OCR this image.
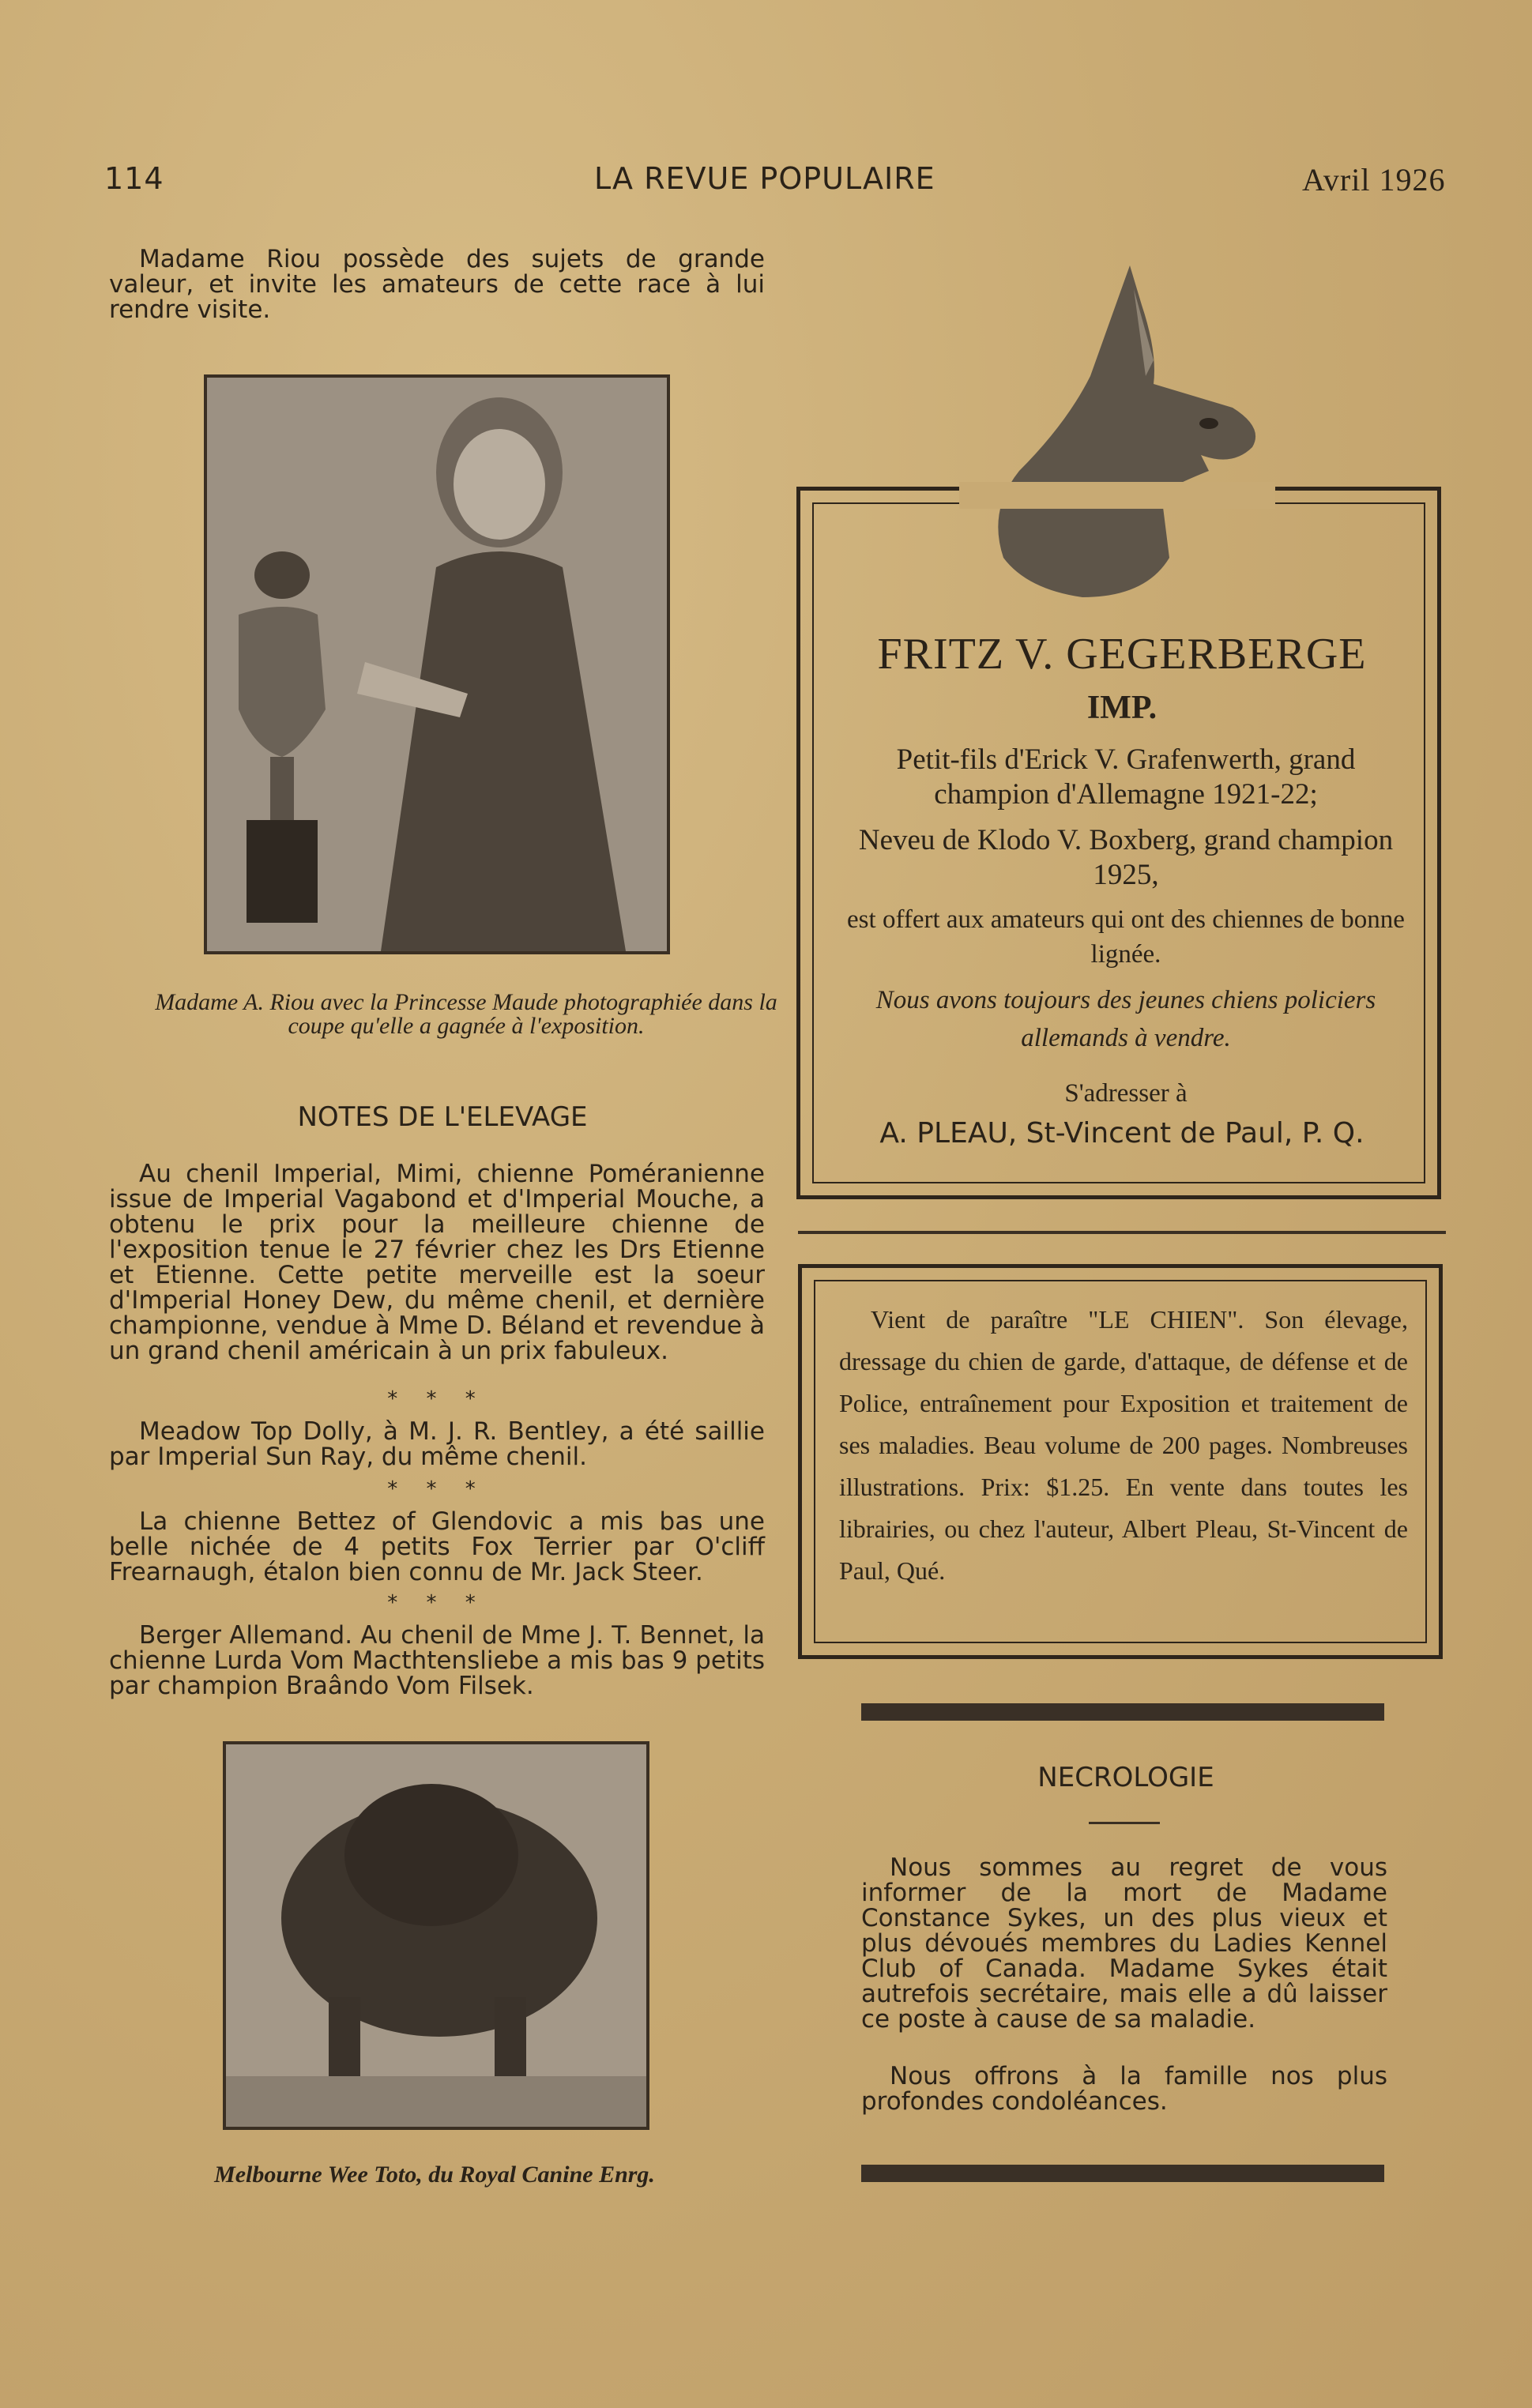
114	LA REVUE POPULAIRE	Avril 1926
Madame Riou possède des sujets de grande valeur, et invite les amateurs de cette race à lui rendre visite.
Madame A. Riou avec la Princesse Maude photographiée dans la coupe qu'elle a gagnée à l'exposition.
NOTES DE L'ELEVAGE
Au chenil Imperial, Mimi, chienne Poméranienne issue de Imperial Vagabond et d'Imperial Mouche, a obtenu le prix pour la meilleure chienne de l'exposition tenue le 27 février chez les Drs Etienne et Etienne. Cette petite merveille est la soeur d'Imperial Honey Dew, du même chenil, et dernière championne, vendue à Mme D. Béland et revendue à un grand chenil américain à un prix fabuleux.
* * *
Meadow Top Dolly, à M. J. R. Bentley, a été saillie par Imperial Sun Ray, du même chenil.
* * *
La chienne Bettez of Glendovic a mis bas une belle nichée de 4 petits Fox Terrier par O'cliff Frearnaugh, étalon bien connu de Mr. Jack Steer.
* * *
Berger Allemand. Au chenil de Mme J. T. Bennet, la chienne Lurda Vom Macthtensliebe a mis bas 9 petits par champion Braândo Vom Filsek.
Melbourne Wee Toto, du Royal Canine Enrg.
FRITZ V. GEGERBERGE
IMP.
Petit-fils d'Erick V. Grafenwerth, grand champion d'Allemagne 1921-22;
Neveu de Klodo V. Boxberg, grand champion 1925,
est offert aux amateurs qui ont des chiennes de bonne lignée.
Nous avons toujours des jeunes chiens policiers allemands à vendre.
S'adresser à
A. PLEAU, St-Vincent de Paul, P. Q.
Vient de paraître "LE CHIEN". Son élevage, dressage du chien de garde, d'attaque, de défense et de Police, entraînement pour Exposition et traitement de ses maladies. Beau volume de 200 pages. Nombreuses illustrations. Prix: $1.25. En vente dans toutes les librairies, ou chez l'auteur, Albert Pleau, St-Vincent de Paul, Qué.
NECROLOGIE
Nous sommes au regret de vous informer de la mort de Madame Constance Sykes, un des plus vieux et plus dévoués membres du Ladies Kennel Club of Canada. Madame Sykes était autrefois secrétaire, mais elle a dû laisser ce poste à cause de sa maladie.
Nous offrons à la famille nos plus profondes condoléances.
